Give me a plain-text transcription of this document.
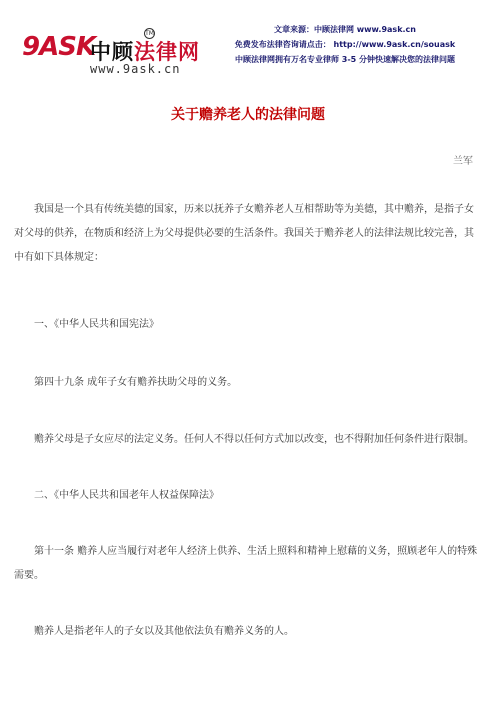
9ASK
中顾法律网
TM
www.9ask.cn
文章来源：中顾法律网 www.9ask.cn
免费发布法律咨询请点击： http://www.9ask.cn/souask
中顾法律网拥有万名专业律师 3-5 分钟快速解决您的法律问题
关于赡养老人的法律问题
兰军
我国是一个具有传统美德的国家，历来以抚养子女赡养老人互相帮助等为美德，其中赡养，是指子女对父母的供养，在物质和经济上为父母提供必要的生活条件。我国关于赡养老人的法律法规比较完善，其中有如下具体规定：
一、《中华人民共和国宪法》
第四十九条 成年子女有赡养扶助父母的义务。
赡养父母是子女应尽的法定义务。任何人不得以任何方式加以改变，也不得附加任何条件进行限制。
二、《中华人民共和国老年人权益保障法》
第十一条 赡养人应当履行对老年人经济上供养、生活上照料和精神上慰藉的义务，照顾老年人的特殊需要。
赡养人是指老年人的子女以及其他依法负有赡养义务的人。
